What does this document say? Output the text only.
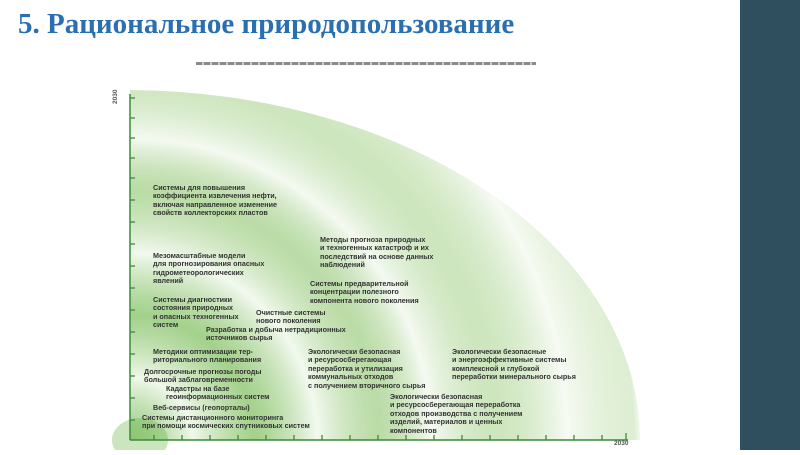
5. Рациональное природопользование
2030
2030
Системы для повышения
коэффициента извлечения нефти,
включая направленное изменение
свойств коллекторских пластов
Методы прогноза природных
и техногенных катастроф и их
последствий на основе данных
наблюдений
Мезомасштабные модели
для прогнозирования опасных
гидрометеорологических
явлений	Системы предварительной
концентрации полезного
компонента нового поколения
Системы диагностики
состояния природных
и опасных техногенных
систем
Очистные системы
нового поколения
Разработка и добыча нетрадиционных
источников сырья
Методики оптимизации тер-
риториального планирования
Экологически безопасная
и ресурсосберегающая
переработка и утилизация
коммунальных отходов
с получением вторичного сырья
Экологически безопасные
и энергоэффективные системы
комплексной и глубокой
переработки минерального сырья
Долгосрочные прогнозы погоды
большой заблаговременности
Кадастры на базе
геоинформационных систем
Веб-сервисы (геопорталы)
Экологически безопасная
и ресурсосберегающая переработка
отходов производства с получением
изделий, материалов и ценных
компонентов
Системы дистанционного мониторинга
при помощи космических спутниковых систем
